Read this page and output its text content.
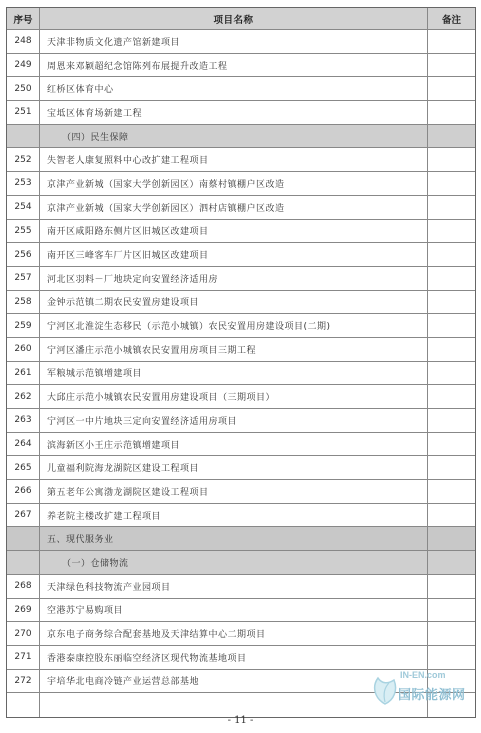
序号	项目名称	备注
248	天津非物质文化遗产馆新建项目
249	周恩来邓颖超纪念馆陈列布展提升改造工程
250	红桥区体育中心
251	宝坻区体育场新建工程
（四）民生保障
252	失智老人康复照料中心改扩建工程项目
253	京津产业新城（国家大学创新园区）南蔡村镇棚户区改造
254	京津产业新城（国家大学创新园区）泗村店镇棚户区改造
255	南开区咸阳路东侧片区旧城区改建项目
256	南开区三峰客车厂片区旧城区改建项目
257	河北区羽料－厂地块定向安置经济适用房
258	金钟示范镇二期农民安置房建设项目
259	宁河区北淮淀生态移民（示范小城镇）农民安置用房建设项目(二期)
260	宁河区潘庄示范小城镇农民安置用房项目三期工程
261	军粮城示范镇增建项目
262	大邱庄示范小城镇农民安置用房建设项目（三期项目）
263	宁河区一中片地块三定向安置经济适用房项目
264	滨海新区小王庄示范镇增建项目
265	儿童福利院海龙湖院区建设工程项目
266	第五老年公寓渤龙湖院区建设工程项目
267	养老院主楼改扩建工程项目
五、现代服务业
（一）仓储物流
268	天津绿色科技物流产业园项目
269	空港苏宁易购项目
270	京东电子商务综合配套基地及天津结算中心二期项目
271	香港泰康控股东丽临空经济区现代物流基地项目
272	宇培华北电商冷链产业运营总部基地
- 11 -
IN-EN.com
国际能源网
